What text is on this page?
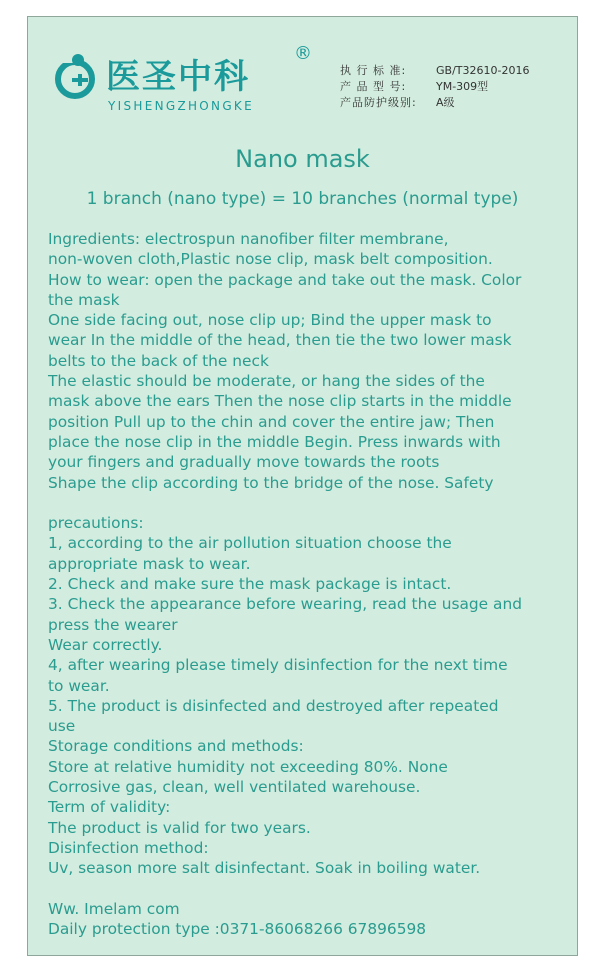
医圣中科
®
YISHENGZHONGKE
执 行 标 准:	GB/T32610-2016
产 品 型 号:	YM-309型
产品防护级别: A级
Nano mask
1 branch (nano type) = 10 branches (normal type)

Ingredients: electrospun nanofiber filter membrane,

non-woven cloth,Plastic nose clip, mask belt composition.

How to wear: open the package and take out the mask. Color

the mask

One side facing out, nose clip up; Bind the upper mask to

wear In the middle of the head, then tie the two lower mask

belts to the back of the neck

The elastic should be moderate, or hang the sides of the

mask above the ears Then the nose clip starts in the middle

position Pull up to the chin and cover the entire jaw; Then

place the nose clip in the middle Begin. Press inwards with

your fingers and gradually move towards the roots

Shape the clip according to the bridge of the nose. Safety

precautions:

1, according to the air pollution situation choose the

appropriate mask to wear.

2. Check and make sure the mask package is intact.

3. Check the appearance before wearing, read the usage and

press the wearer

Wear correctly.

4, after wearing please timely disinfection for the next time

to wear.

5. The product is disinfected and destroyed after repeated

use

Storage conditions and methods:

Store at relative humidity not exceeding 80%. None

Corrosive gas, clean, well ventilated warehouse.

Term of validity:

The product is valid for two years.

Disinfection method:

Uv, season more salt disinfectant. Soak in boiling water.

Ww. Imelam com

Daily protection type :0371-86068266 67896598
